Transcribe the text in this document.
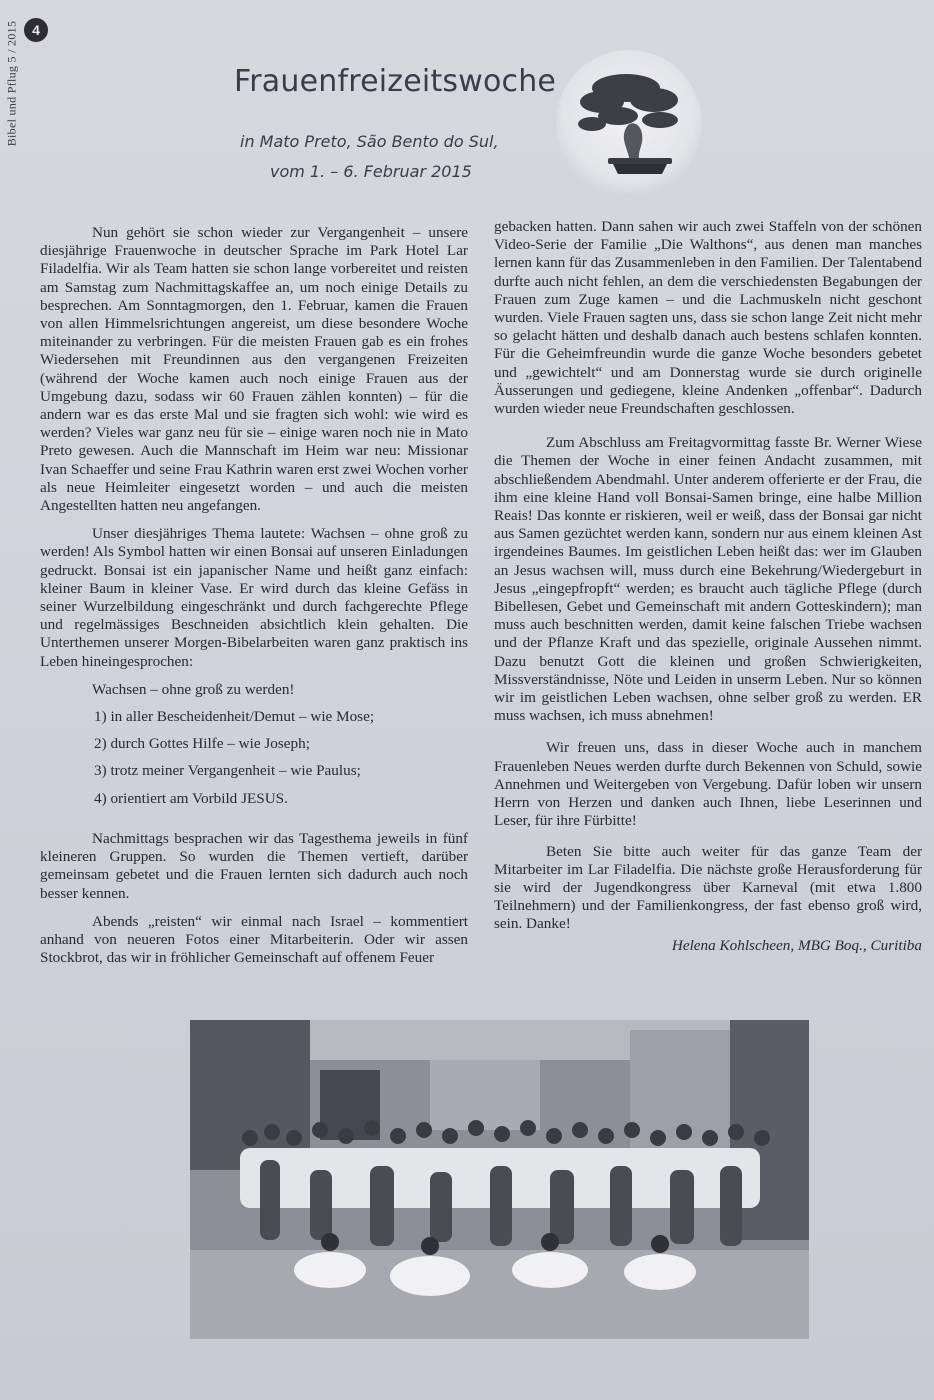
Bibel und Pflug 5 / 2015 4
Frauenfreizeitswoche
in Mato Preto, São Bento do Sul,
vom 1. – 6. Februar 2015

Nun gehört sie schon wieder zur Vergangenheit – unsere diesjährige Frauenwoche in deutscher Sprache im Park Hotel Lar Filadelfia. Wir als Team hatten sie schon lange vorbereitet und reisten am Samstag zum Nachmittagskaffee an, um noch einige Details zu besprechen. Am Sonntagmorgen, den 1. Februar, kamen die Frauen von allen Himmelsrichtungen angereist, um diese besondere Woche miteinander zu verbringen. Für die meisten Frauen gab es ein frohes Wiedersehen mit Freundinnen aus den vergangenen Freizeiten (während der Woche kamen auch noch einige Frauen aus der Umgebung dazu, sodass wir 60 Frauen zählen konnten) – für die andern war es das erste Mal und sie fragten sich wohl: wie wird es werden? Vieles war ganz neu für sie – einige waren noch nie in Mato Preto gewesen. Auch die Mannschaft im Heim war neu: Missionar Ivan Schaeffer und seine Frau Kathrin waren erst zwei Wochen vorher als neue Heimleiter eingesetzt worden – und auch die meisten Angestellten hatten neu angefangen.

Unser diesjähriges Thema lautete: Wachsen – ohne groß zu werden! Als Symbol hatten wir einen Bonsai auf unseren Einladungen gedruckt. Bonsai ist ein japanischer Name und heißt ganz einfach: kleiner Baum in kleiner Vase. Er wird durch das kleine Gefäss in seiner Wurzelbildung eingeschränkt und durch fachgerechte Pflege und regelmässiges Beschneiden absichtlich klein gehalten. Die Unterthemen unserer Morgen-Bibelarbeiten waren ganz praktisch ins Leben hineingesprochen:

Wachsen – ohne groß zu werden!
1) in aller Bescheidenheit/Demut – wie Mose;
2) durch Gottes Hilfe – wie Joseph;
3) trotz meiner Vergangenheit – wie Paulus;
4) orientiert am Vorbild JESUS.

Nachmittags besprachen wir das Tagesthema jeweils in fünf kleineren Gruppen. So wurden die Themen vertieft, darüber gemeinsam gebetet und die Frauen lernten sich dadurch auch noch besser kennen.

Abends „reisten“ wir einmal nach Israel – kommentiert anhand von neueren Fotos einer Mitarbeiterin. Oder wir assen Stockbrot, das wir in fröhlicher Gemeinschaft auf offenem Feuer

gebacken hatten. Dann sahen wir auch zwei Staffeln von der schönen Video-Serie der Familie „Die Walthons“, aus denen man manches lernen kann für das Zusammenleben in den Familien. Der Talentabend durfte auch nicht fehlen, an dem die verschiedensten Begabungen der Frauen zum Zuge kamen – und die Lachmuskeln nicht geschont wurden. Viele Frauen sagten uns, dass sie schon lange Zeit nicht mehr so gelacht hätten und deshalb danach auch bestens schlafen konnten. Für die Geheimfreundin wurde die ganze Woche besonders gebetet und „gewichtelt“ und am Donnerstag wurde sie durch originelle Äusserungen und gediegene, kleine Andenken „offenbar“. Dadurch wurden wieder neue Freundschaften geschlossen.

Zum Abschluss am Freitagvormittag fasste Br. Werner Wiese die Themen der Woche in einer feinen Andacht zusammen, mit abschließendem Abendmahl. Unter anderem offerierte er der Frau, die ihm eine kleine Hand voll Bonsai-Samen bringe, eine halbe Million Reais! Das konnte er riskieren, weil er weiß, dass der Bonsai gar nicht aus Samen gezüchtet werden kann, sondern nur aus einem kleinen Ast irgendeines Baumes. Im geistlichen Leben heißt das: wer im Glauben an Jesus wachsen will, muss durch eine Bekehrung/Wiedergeburt in Jesus „eingepfropft“ werden; es braucht auch tägliche Pflege (durch Bibellesen, Gebet und Gemeinschaft mit andern Gotteskindern); man muss auch beschnitten werden, damit keine falschen Triebe wachsen und der Pflanze Kraft und das spezielle, originale Aussehen nimmt. Dazu benutzt Gott die kleinen und großen Schwierigkeiten, Missverständnisse, Nöte und Leiden in unserm Leben. Nur so können wir im geistlichen Leben wachsen, ohne selber groß zu werden. ER muss wachsen, ich muss abnehmen!

Wir freuen uns, dass in dieser Woche auch in manchem Frauenleben Neues werden durfte durch Bekennen von Schuld, sowie Annehmen und Weitergeben von Vergebung. Dafür loben wir unsern Herrn von Herzen und danken auch Ihnen, liebe Leserinnen und Leser, für ihre Fürbitte!

Beten Sie bitte auch weiter für das ganze Team der Mitarbeiter im Lar Filadelfia. Die nächste große Herausforderung für sie wird der Jugendkongress über Karneval (mit etwa 1.800 Teilnehmern) und der Familienkongress, der fast ebenso groß wird, sein. Danke!

Helena Kohlscheen, MBG Boq., Curitiba
